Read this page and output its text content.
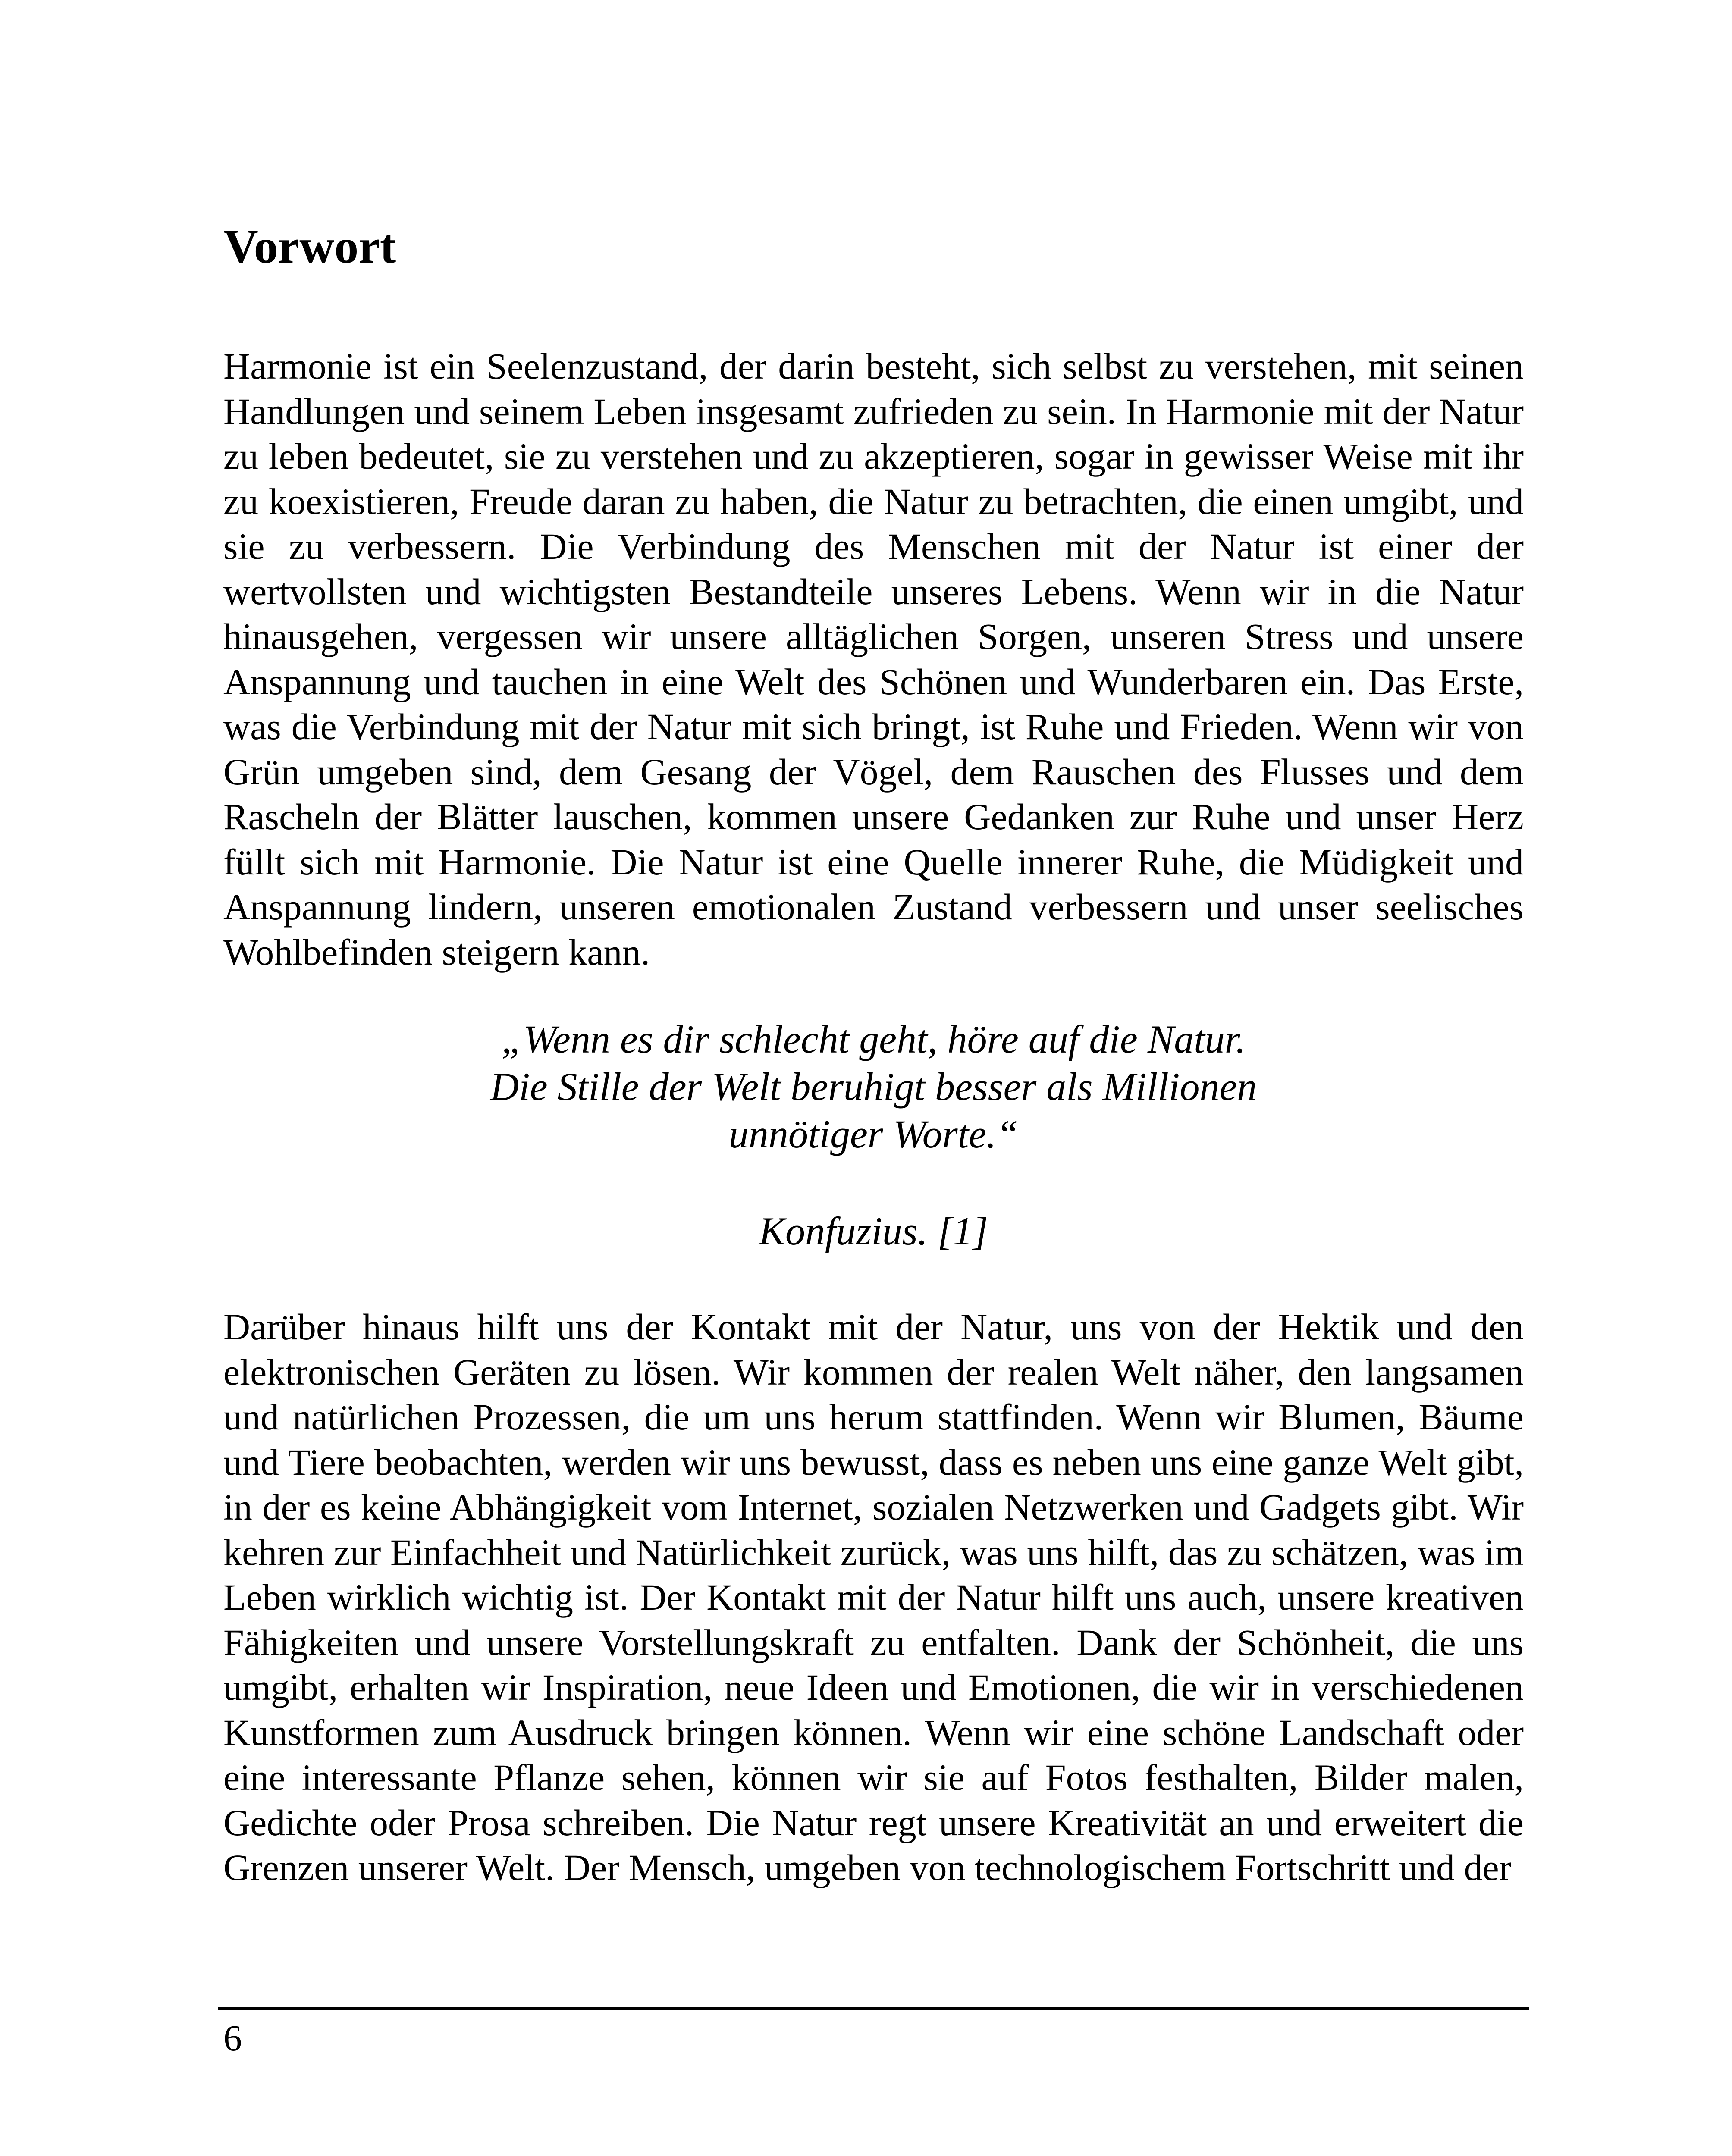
Vorwort

Harmonie ist ein Seelenzustand, der darin besteht, sich selbst zu verstehen, mit seinen Handlungen und seinem Leben insgesamt zufrieden zu sein. In Harmonie mit der Natur zu leben bedeutet, sie zu verstehen und zu akzeptieren, sogar in gewisser Weise mit ihr zu koexistieren, Freude daran zu haben, die Natur zu betrachten, die einen umgibt, und sie zu verbessern. Die Verbindung des Menschen mit der Natur ist einer der wertvollsten und wichtigsten Bestandteile unseres Lebens. Wenn wir in die Natur hinausgehen, vergessen wir unsere alltäglichen Sorgen, unseren Stress und unsere Anspannung und tauchen in eine Welt des Schönen und Wunderbaren ein. Das Erste, was die Verbindung mit der Natur mit sich bringt, ist Ruhe und Frieden. Wenn wir von Grün umgeben sind, dem Gesang der Vögel, dem Rauschen des Flusses und dem Rascheln der Blätter lauschen, kommen unsere Gedanken zur Ruhe und unser Herz füllt sich mit Harmonie. Die Natur ist eine Quelle innerer Ruhe, die Müdigkeit und Anspannung lindern, unseren emotionalen Zustand verbessern und unser seelisches Wohlbefinden steigern kann.

„Wenn es dir schlecht geht, höre auf die Natur.
Die Stille der Welt beruhigt besser als Millionen
unnötiger Worte.“

Konfuzius. [1]

Darüber hinaus hilft uns der Kontakt mit der Natur, uns von der Hektik und den elektronischen Geräten zu lösen. Wir kommen der realen Welt näher, den langsamen und natürlichen Prozessen, die um uns herum stattfinden. Wenn wir Blumen, Bäume und Tiere beobachten, werden wir uns bewusst, dass es neben uns eine ganze Welt gibt, in der es keine Abhängigkeit vom Internet, sozialen Netzwerken und Gadgets gibt. Wir kehren zur Einfachheit und Natürlichkeit zurück, was uns hilft, das zu schätzen, was im Leben wirklich wichtig ist. Der Kontakt mit der Natur hilft uns auch, unsere kreativen Fähigkeiten und unsere Vorstellungskraft zu entfalten. Dank der Schönheit, die uns umgibt, erhalten wir Inspiration, neue Ideen und Emotionen, die wir in verschiedenen Kunstformen zum Ausdruck bringen können. Wenn wir eine schöne Landschaft oder eine interessante Pflanze sehen, können wir sie auf Fotos festhalten, Bilder malen, Gedichte oder Prosa schreiben. Die Natur regt unsere Kreativität an und erweitert die Grenzen unserer Welt. Der Mensch, umgeben von technologischem Fortschritt und der

6
